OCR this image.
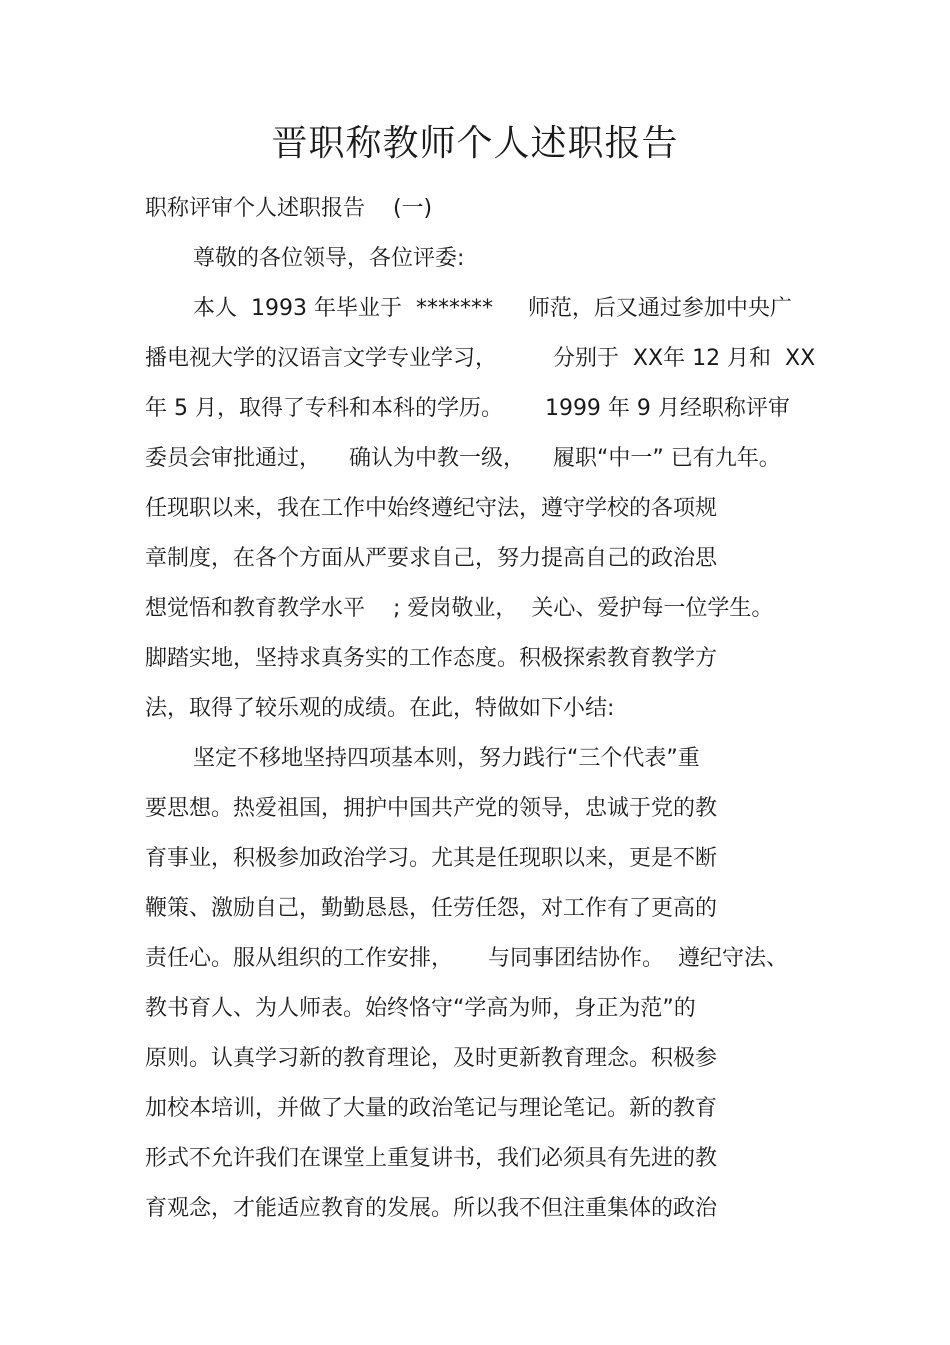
晋职称教师个人述职报告
职称评审个人述职报告    (一)
尊敬的各位领导，各位评委:
本人  1993 年毕业于  *******     师范，后又通过参加中央广
播电视大学的汉语言文学专业学习，        分别于  XX年 12 月和  XX
年 5 月，取得了专科和本科的学历。      1999 年 9 月经职称评审
委员会审批通过，    确认为中教一级，    履职“中一” 已有九年。
任现职以来，我在工作中始终遵纪守法，遵守学校的各项规
章制度，在各个方面从严要求自己，努力提高自己的政治思
想觉悟和教育教学水平    ; 爱岗敬业，  关心、爱护每一位学生。
脚踏实地，坚持求真务实的工作态度。积极探索教育教学方
法，取得了较乐观的成绩。在此，特做如下小结:
坚定不移地坚持四项基本则，努力践行“三个代表”重
要思想。热爱祖国，拥护中国共产党的领导，忠诚于党的教
育事业，积极参加政治学习。尤其是任现职以来，更是不断
鞭策、激励自己，勤勤恳恳，任劳任怨，对工作有了更高的
责任心。服从组织的工作安排，     与同事团结协作。  遵纪守法、
教书育人、为人师表。始终恪守“学高为师，身正为范”的
原则。认真学习新的教育理论，及时更新教育理念。积极参
加校本培训，并做了大量的政治笔记与理论笔记。新的教育
形式不允许我们在课堂上重复讲书，我们必须具有先进的教
育观念，才能适应教育的发展。所以我不但注重集体的政治
